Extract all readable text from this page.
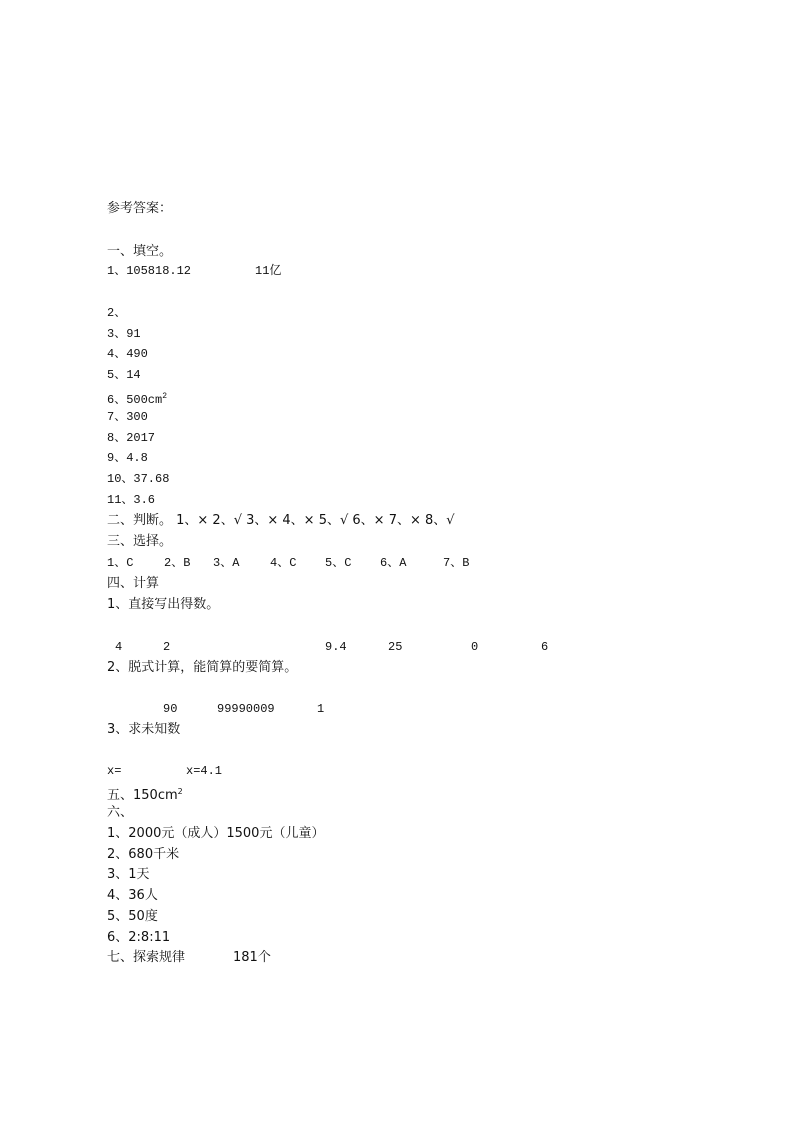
参考答案：
一、填空。
1、105818.12	11亿
2、
3、91
4、490
5、14
6、$500cm^2$
7、300
8、2017
9、4.8
10、37.68
11、3.6
二、判断。 1、× 2、√ 3、× 4、× 5、√ 6、× 7、× 8、√
三、选择。
1、C	2、B 3、A	4、C 5、C 6、A	7、B
四、计算
1、直接写出得数。
4	2	9.4	25	0	6
2、脱式计算，能简算的要简算。
90	99990009	1
3、求未知数
x=	x=4.1
五、$150cm^2$
六、
1、2000元（成人）1500元（儿童）
2、680千米
3、1天
4、36人
5、50度
6、2:8:11
七、探索规律	181个
